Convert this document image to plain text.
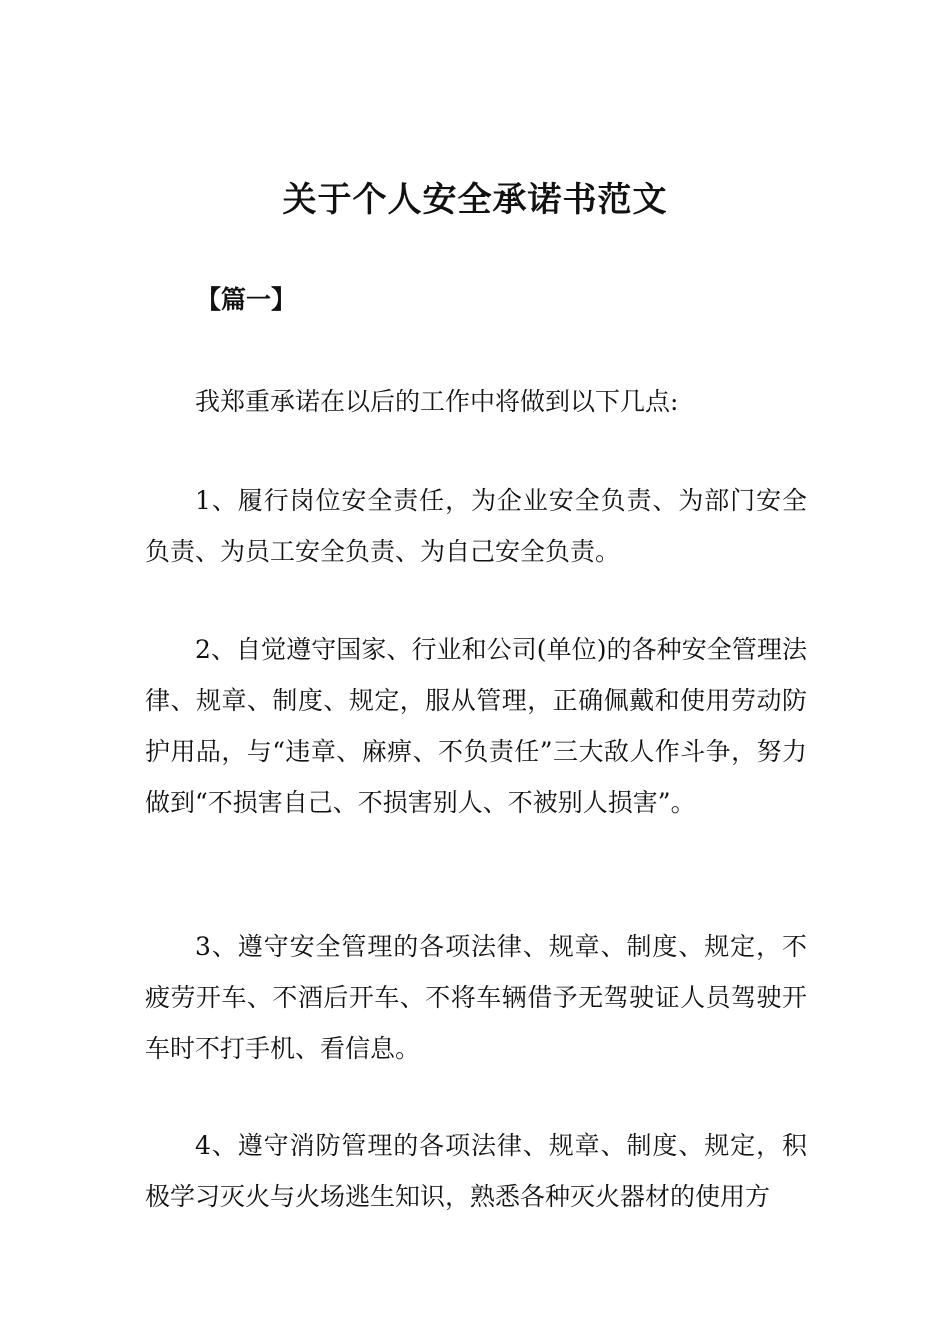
关于个人安全承诺书范文

【篇一】

我郑重承诺在以后的工作中将做到以下几点:

1、履行岗位安全责任，为企业安全负责、为部门安全负责、为员工安全负责、为自己安全负责。

2、自觉遵守国家、行业和公司(单位)的各种安全管理法律、规章、制度、规定，服从管理，正确佩戴和使用劳动防护用品，与“违章、麻痹、不负责任”三大敌人作斗争，努力做到“不损害自己、不损害别人、不被别人损害”。

3、遵守安全管理的各项法律、规章、制度、规定，不疲劳开车、不酒后开车、不将车辆借予无驾驶证人员驾驶开车时不打手机、看信息。

4、遵守消防管理的各项法律、规章、制度、规定，积极学习灭火与火场逃生知识，熟悉各种灭火器材的使用方
